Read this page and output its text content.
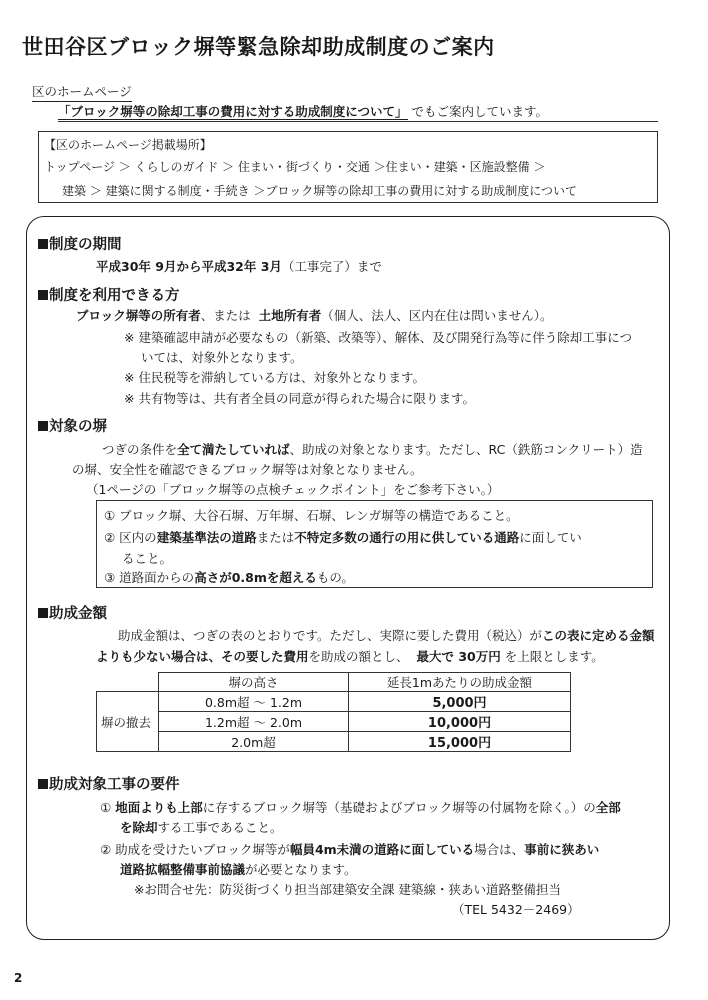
世田谷区ブロック塀等緊急除却助成制度のご案内
区のホームページ
「ブロック塀等の除却工事の費用に対する助成制度について」 でもご案内しています。
【区のホームページ掲載場所】
トップページ ＞ くらしのガイド ＞ 住まい・街づくり・交通 ＞住まい・建築・区施設整備 ＞
建築 ＞ 建築に関する制度・手続き ＞ブロック塀等の除却工事の費用に対する助成制度について
制度の期間
平成30年 9月から平成32年 3月（工事完了）まで
制度を利用できる方
ブロック塀等の所有者、または 土地所有者（個人、法人、区内在住は問いません）。
※ 建築確認申請が必要なもの（新築、改築等）、解体、及び開発行為等に伴う除却工事につ
いては、対象外となります。
※ 住民税等を滞納している方は、対象外となります。
※ 共有物等は、共有者全員の同意が得られた場合に限ります。
対象の塀
つぎの条件を全て満たしていれば、助成の対象となります。ただし、RC（鉄筋コンクリート）造
の塀、安全性を確認できるブロック塀等は対象となりません。
（1ページの「ブロック塀等の点検チェックポイント」をご参考下さい。）
① ブロック塀、大谷石塀、万年塀、石塀、レンガ塀等の構造であること。
② 区内の建築基準法の道路または不特定多数の通行の用に供している通路に面してい
ること。
③ 道路面からの高さが0.8mを超えるもの。
助成金額
助成金額は、つぎの表のとおりです。ただし、実際に要した費用（税込）がこの表に定める金額
よりも少ない場合は、その要した費用を助成の額とし、 最大で 30万円 を上限とします。
	塀の高さ	延長1mあたりの助成金額
塀の撤去	0.8m超 ～ 1.2m	5,000円
	1.2m超 ～ 2.0m	10,000円
	2.0m超	15,000円
助成対象工事の要件
① 地面よりも上部に存するブロック塀等（基礎およびブロック塀等の付属物を除く。）の全部
を除却する工事であること。
② 助成を受けたいブロック塀等が幅員4m未満の道路に面している場合は、事前に狭あい
道路拡幅整備事前協議が必要となります。
※お問合せ先：防災街づくり担当部建築安全課 建築線・狭あい道路整備担当
（TEL 5432－2469）
2
